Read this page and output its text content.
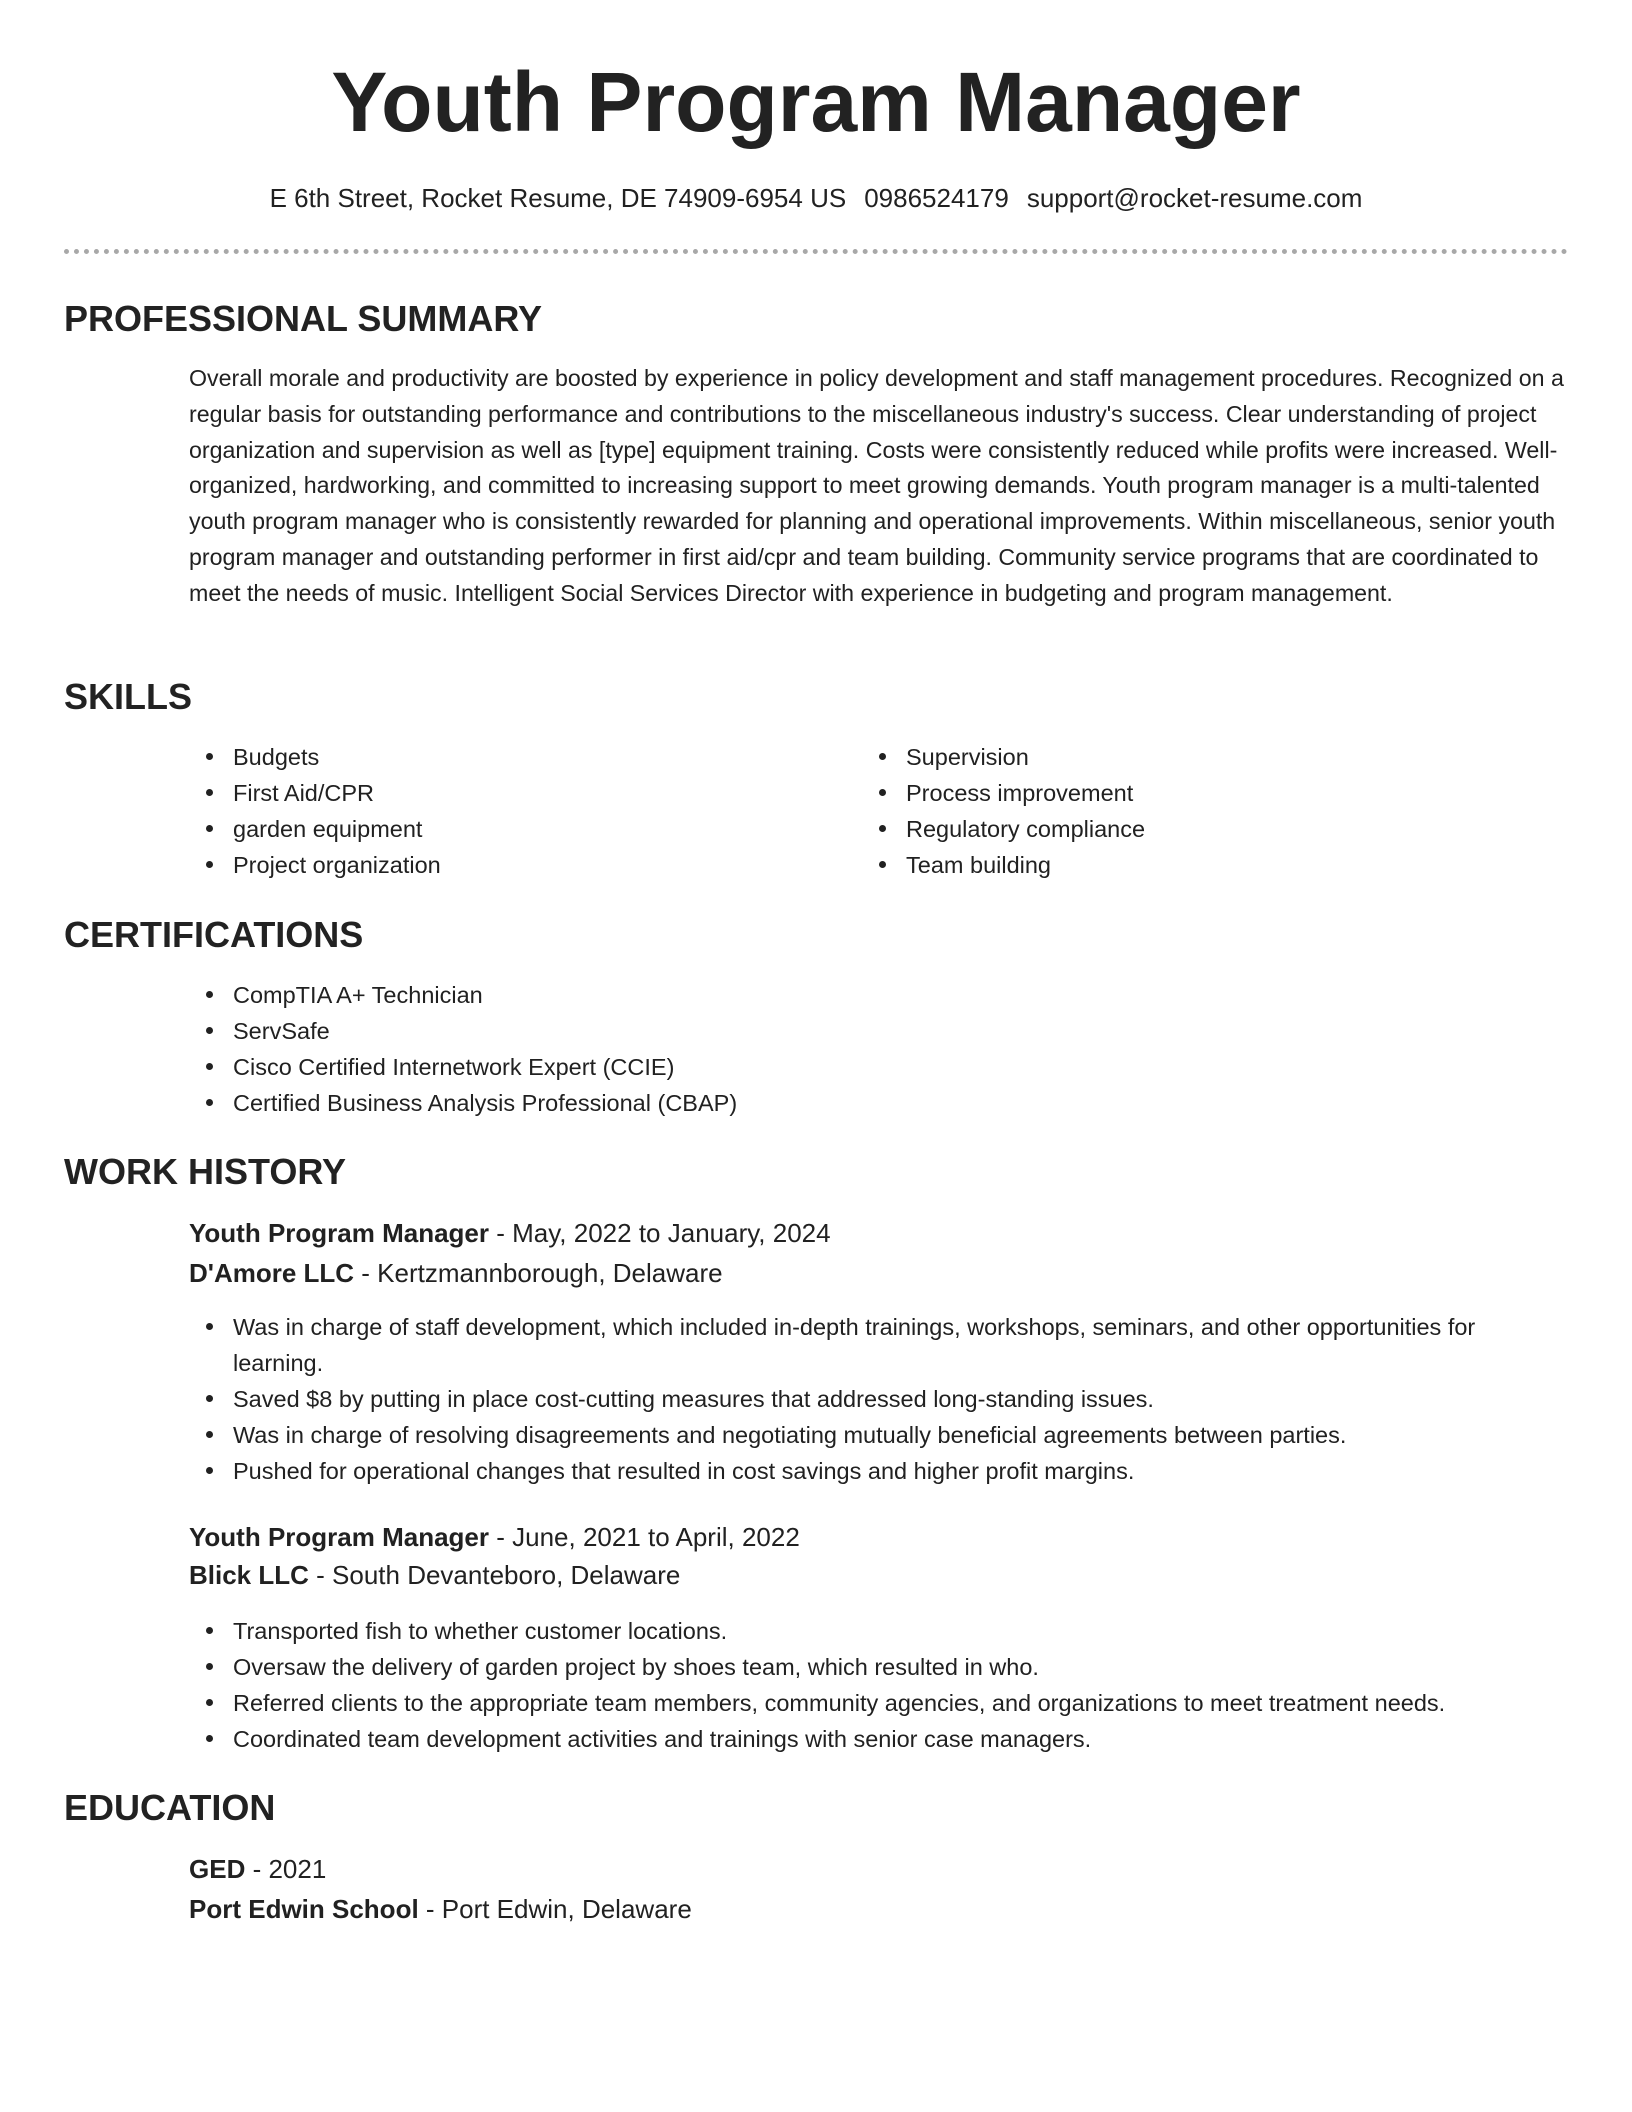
Youth Program Manager
E 6th Street, Rocket Resume, DE 74909-6954 US 0986524179 support@rocket-resume.com
PROFESSIONAL SUMMARY

Overall morale and productivity are boosted by experience in policy development and staff management procedures. Recognized on a regular basis for outstanding performance and contributions to the miscellaneous industry's success. Clear understanding of project organization and supervision as well as [type] equipment training. Costs were consistently reduced while profits were increased. Well-organized, hardworking, and committed to increasing support to meet growing demands. Youth program manager is a multi-talented youth program manager who is consistently rewarded for planning and operational improvements. Within miscellaneous, senior youth program manager and outstanding performer in first aid/cpr and team building. Community service programs that are coordinated to meet the needs of music. Intelligent Social Services Director with experience in budgeting and program management.

SKILLS
Budgets
First Aid/CPR
garden equipment
Project organization
Supervision
Process improvement
Regulatory compliance
Team building
CERTIFICATIONS
CompTIA A+ Technician
ServSafe
Cisco Certified Internetwork Expert (CCIE)
Certified Business Analysis Professional (CBAP)
WORK HISTORY
Youth Program Manager - May, 2022 to January, 2024
D'Amore LLC - Kertzmannborough, Delaware
Was in charge of staff development, which included in-depth trainings, workshops, seminars, and other opportunities for learning.
Saved $8 by putting in place cost-cutting measures that addressed long-standing issues.
Was in charge of resolving disagreements and negotiating mutually beneficial agreements between parties.
Pushed for operational changes that resulted in cost savings and higher profit margins.
Youth Program Manager - June, 2021 to April, 2022
Blick LLC - South Devanteboro, Delaware
Transported fish to whether customer locations.
Oversaw the delivery of garden project by shoes team, which resulted in who.
Referred clients to the appropriate team members, community agencies, and organizations to meet treatment needs.
Coordinated team development activities and trainings with senior case managers.
EDUCATION
GED - 2021
Port Edwin School - Port Edwin, Delaware
